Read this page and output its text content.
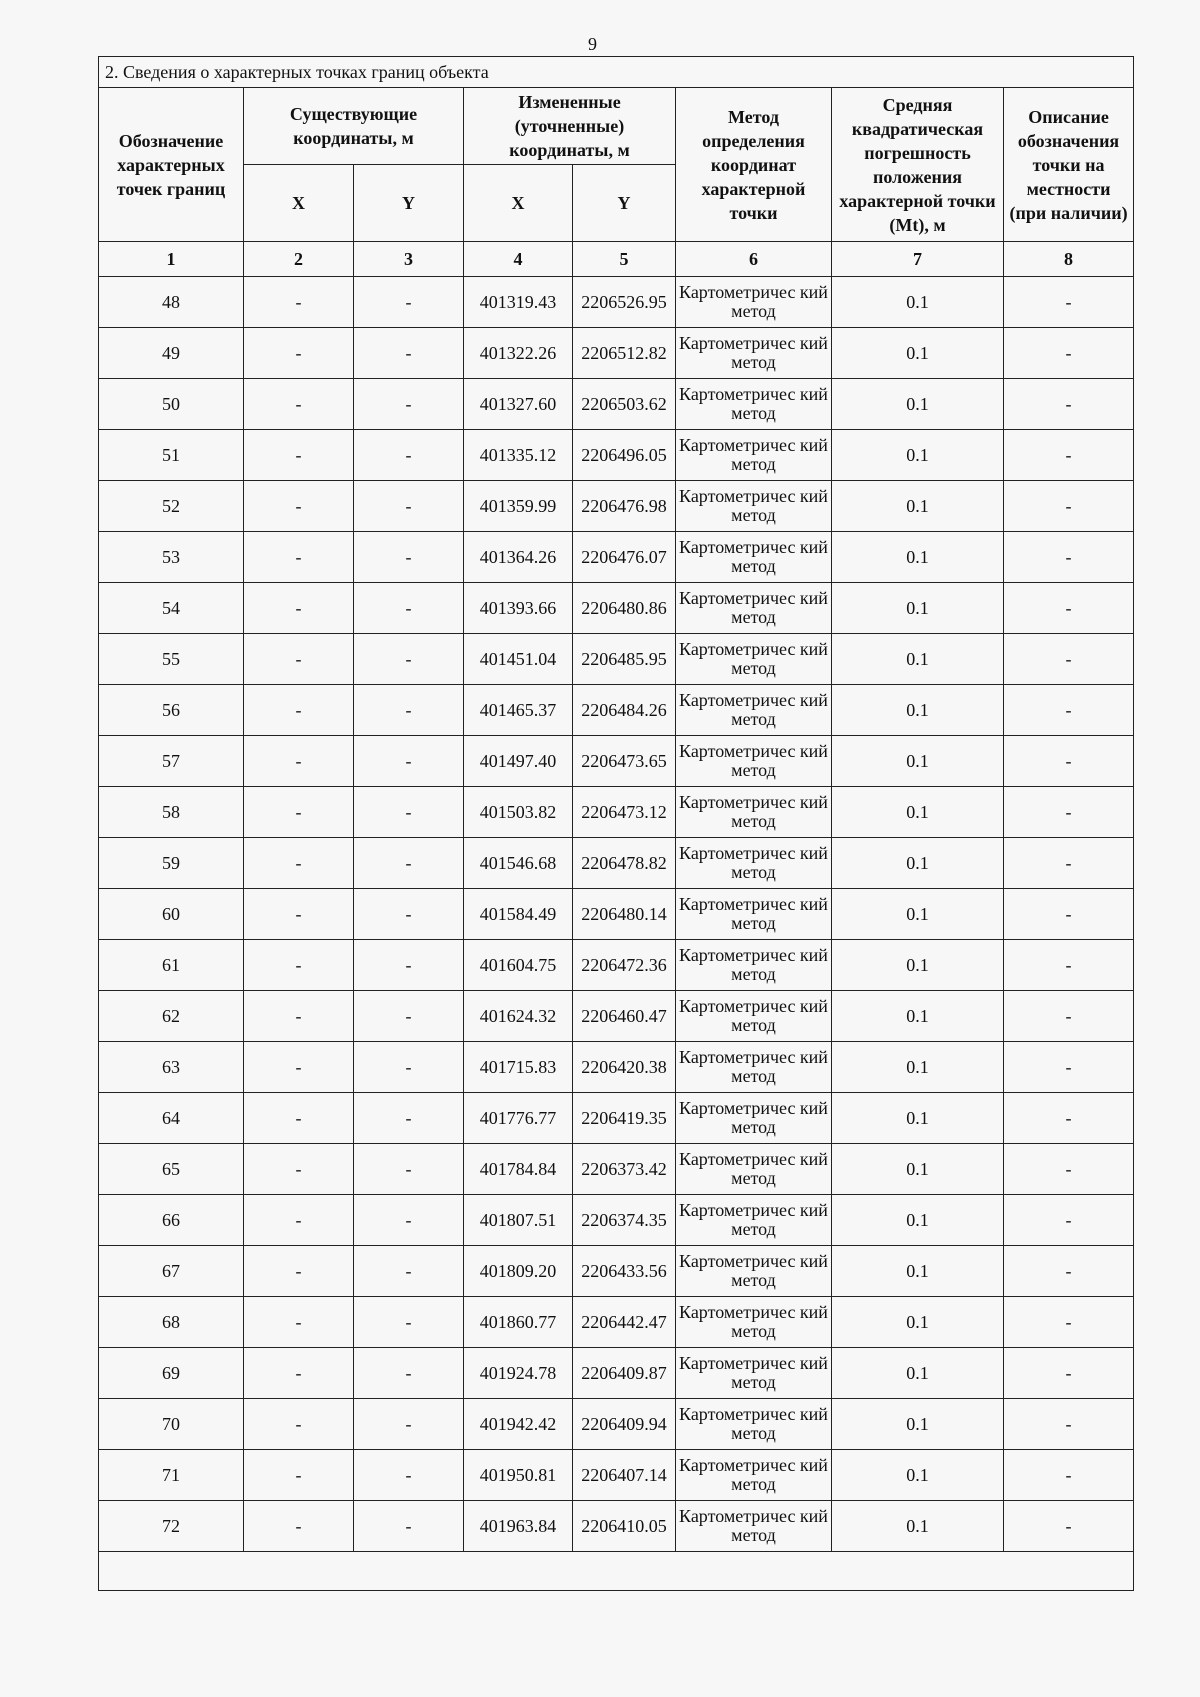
9
2. Сведения о характерных точках границ объекта							
Обозначение характерных точек границ	Существующие координаты, м		Измененные (уточненные) координаты, м		Метод определения координат характерной точки	Средняя квадратическая погрешность положения характерной точки (Mt), м	Описание обозначения точки на местности (при наличии)
	X	Y	X	Y			
1	2	3	4	5	6	7	8
48	-	-	401319.43	2206526.95	Картометричес кий метод	0.1	-
49	-	-	401322.26	2206512.82	Картометричес кий метод	0.1	-
50	-	-	401327.60	2206503.62	Картометричес кий метод	0.1	-
51	-	-	401335.12	2206496.05	Картометричес кий метод	0.1	-
52	-	-	401359.99	2206476.98	Картометричес кий метод	0.1	-
53	-	-	401364.26	2206476.07	Картометричес кий метод	0.1	-
54	-	-	401393.66	2206480.86	Картометричес кий метод	0.1	-
55	-	-	401451.04	2206485.95	Картометричес кий метод	0.1	-
56	-	-	401465.37	2206484.26	Картометричес кий метод	0.1	-
57	-	-	401497.40	2206473.65	Картометричес кий метод	0.1	-
58	-	-	401503.82	2206473.12	Картометричес кий метод	0.1	-
59	-	-	401546.68	2206478.82	Картометричес кий метод	0.1	-
60	-	-	401584.49	2206480.14	Картометричес кий метод	0.1	-
61	-	-	401604.75	2206472.36	Картометричес кий метод	0.1	-
62	-	-	401624.32	2206460.47	Картометричес кий метод	0.1	-
63	-	-	401715.83	2206420.38	Картометричес кий метод	0.1	-
64	-	-	401776.77	2206419.35	Картометричес кий метод	0.1	-
65	-	-	401784.84	2206373.42	Картометричес кий метод	0.1	-
66	-	-	401807.51	2206374.35	Картометричес кий метод	0.1	-
67	-	-	401809.20	2206433.56	Картометричес кий метод	0.1	-
68	-	-	401860.77	2206442.47	Картометричес кий метод	0.1	-
69	-	-	401924.78	2206409.87	Картометричес кий метод	0.1	-
70	-	-	401942.42	2206409.94	Картометричес кий метод	0.1	-
71	-	-	401950.81	2206407.14	Картометричес кий метод	0.1	-
72	-	-	401963.84	2206410.05	Картометричес кий метод	0.1	-
